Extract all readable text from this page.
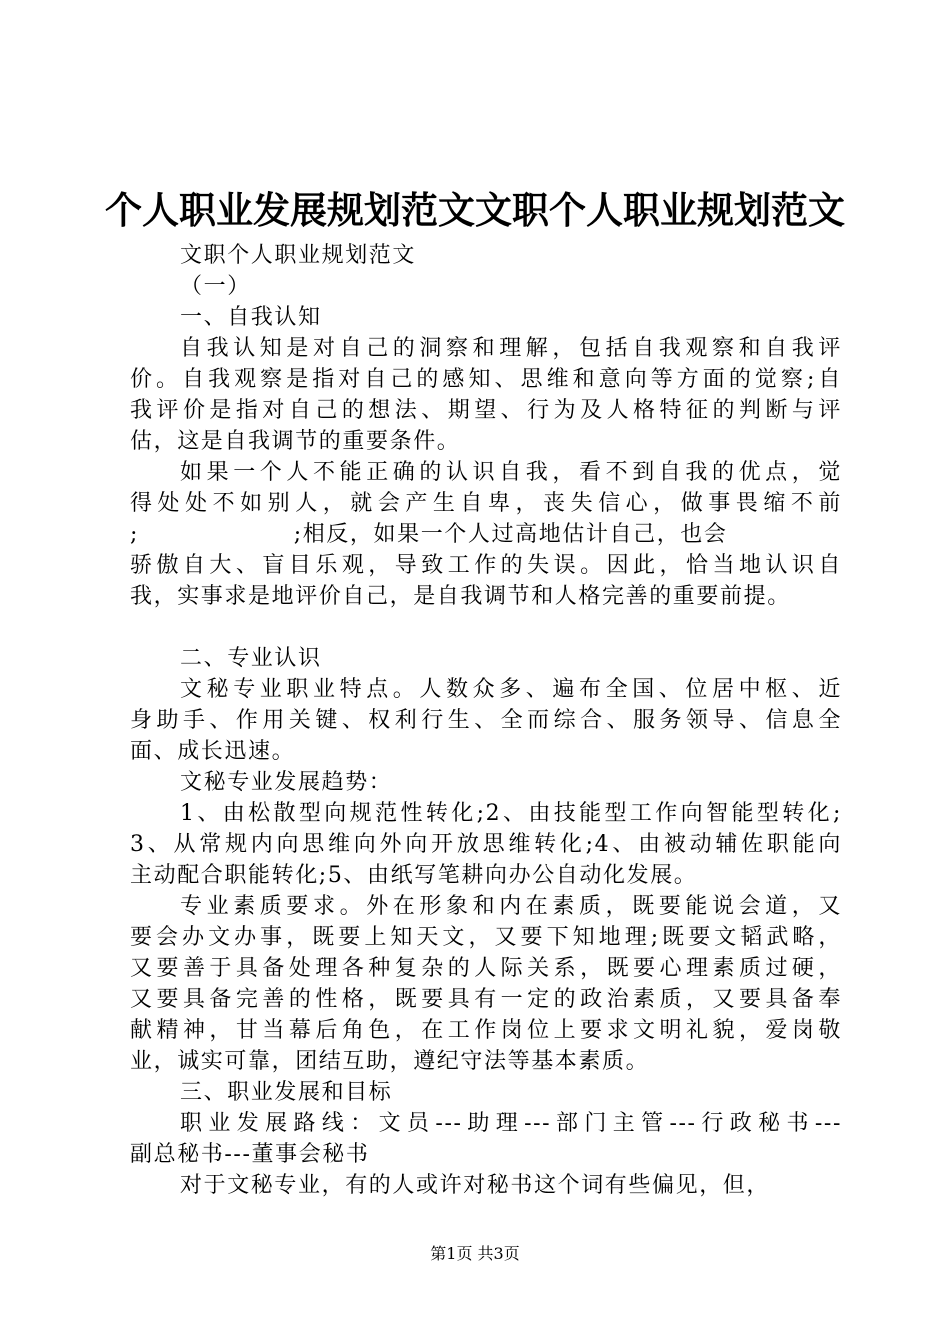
个人职业发展规划范文文职个人职业规划范文
文职个人职业规划范文
（一）
一、自我认知
自我认知是对自己的洞察和理解，包括自我观察和自我评
价。自我观察是指对自己的感知、思维和意向等方面的觉察;自
我评价是指对自己的想法、期望、行为及人格特征的判断与评
估，这是自我调节的重要条件。
如果一个人不能正确的认识自我，看不到自我的优点，觉
得处处不如别人，就会产生自卑，丧失信心，做事畏缩不前
;                  ;相反，如果一个人过高地估计自己，也会
骄傲自大、盲目乐观，导致工作的失误。因此，恰当地认识自
我，实事求是地评价自己，是自我调节和人格完善的重要前提。
二、专业认识
文秘专业职业特点。人数众多、遍布全国、位居中枢、近
身助手、作用关键、权利行生、全而综合、服务领导、信息全
面、成长迅速。
文秘专业发展趋势：
1、由松散型向规范性转化;2、由技能型工作向智能型转化;
3、从常规内向思维向外向开放思维转化;4、由被动辅佐职能向
主动配合职能转化;5、由纸写笔耕向办公自动化发展。
专业素质要求。外在形象和内在素质，既要能说会道，又
要会办文办事，既要上知天文，又要下知地理;既要文韬武略，
又要善于具备处理各种复杂的人际关系，既要心理素质过硬，
又要具备完善的性格，既要具有一定的政治素质，又要具备奉
献精神，甘当幕后角色，在工作岗位上要求文明礼貌，爱岗敬
业，诚实可靠，团结互助，遵纪守法等基本素质。
三、职业发展和目标
职业发展路线：文员---助理---部门主管---行政秘书---
副总秘书---董事会秘书
对于文秘专业，有的人或许对秘书这个词有些偏见，但，
第1页 共3页
